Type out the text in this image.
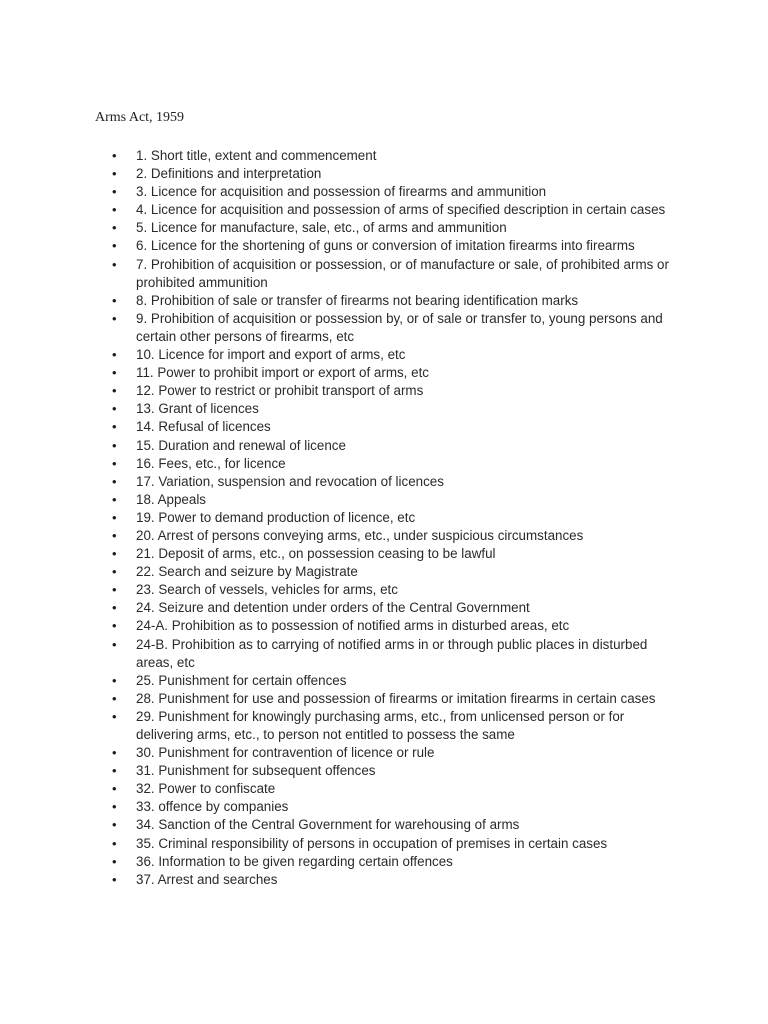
Arms Act, 1959
• 1. Short title, extent and commencement
• 2. Definitions and interpretation
• 3. Licence for acquisition and possession of firearms and ammunition
• 4. Licence for acquisition and possession of arms of specified description in certain cases
• 5. Licence for manufacture, sale, etc., of arms and ammunition
• 6. Licence for the shortening of guns or conversion of imitation firearms into firearms
• 7. Prohibition of acquisition or possession, or of manufacture or sale, of prohibited arms or prohibited ammunition
• 8. Prohibition of sale or transfer of firearms not bearing identification marks
• 9. Prohibition of acquisition or possession by, or of sale or transfer to, young persons and certain other persons of firearms, etc
• 10. Licence for import and export of arms, etc
• 11. Power to prohibit import or export of arms, etc
• 12. Power to restrict or prohibit transport of arms
• 13. Grant of licences
• 14. Refusal of licences
• 15. Duration and renewal of licence
• 16. Fees, etc., for licence
• 17. Variation, suspension and revocation of licences
• 18. Appeals
• 19. Power to demand production of licence, etc
• 20. Arrest of persons conveying arms, etc., under suspicious circumstances
• 21. Deposit of arms, etc., on possession ceasing to be lawful
• 22. Search and seizure by Magistrate
• 23. Search of vessels, vehicles for arms, etc
• 24. Seizure and detention under orders of the Central Government
• 24-A. Prohibition as to possession of notified arms in disturbed areas, etc
• 24-B. Prohibition as to carrying of notified arms in or through public places in disturbed areas, etc
• 25. Punishment for certain offences
• 28. Punishment for use and possession of firearms or imitation firearms in certain cases
• 29. Punishment for knowingly purchasing arms, etc., from unlicensed person or for delivering arms, etc., to person not entitled to possess the same
• 30. Punishment for contravention of licence or rule
• 31. Punishment for subsequent offences
• 32. Power to confiscate
• 33. offence by companies
• 34. Sanction of the Central Government for warehousing of arms
• 35. Criminal responsibility of persons in occupation of premises in certain cases
• 36. Information to be given regarding certain offences
• 37. Arrest and searches
